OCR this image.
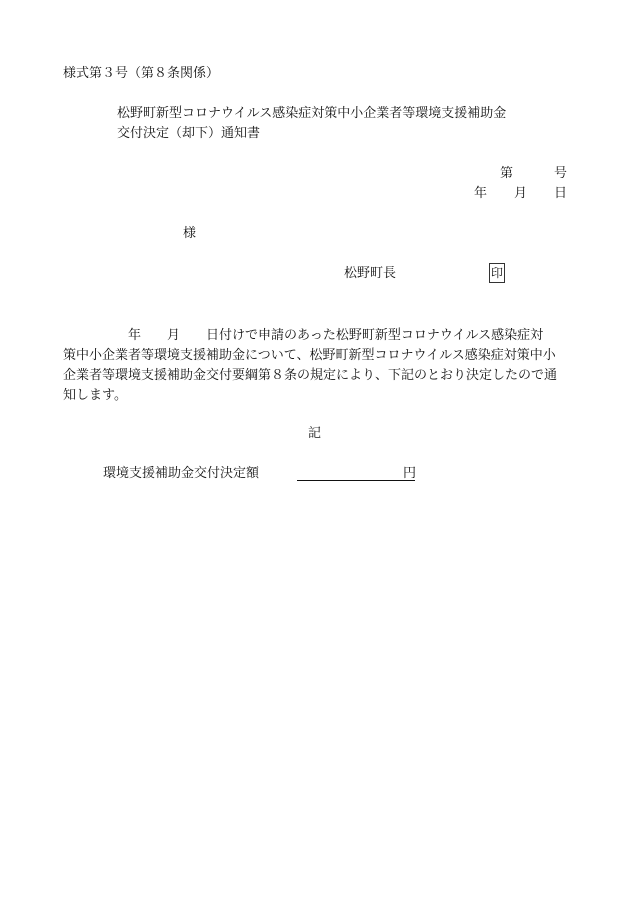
様式第３号（第８条関係）
松野町新型コロナウイルス感染症対策中小企業者等環境支援補助金
交付決定（却下）通知書
第	号
年 月 日
様
松野町長	印
　　　　　年　　月　　日付けで申請のあった松野町新型コロナウイルス感染症対
策中小企業者等環境支援補助金について、松野町新型コロナウイルス感染症対策中小
企業者等環境支援補助金交付要綱第８条の規定により、下記のとおり決定したので通
知します。
記
環境支援補助金交付決定額	円
